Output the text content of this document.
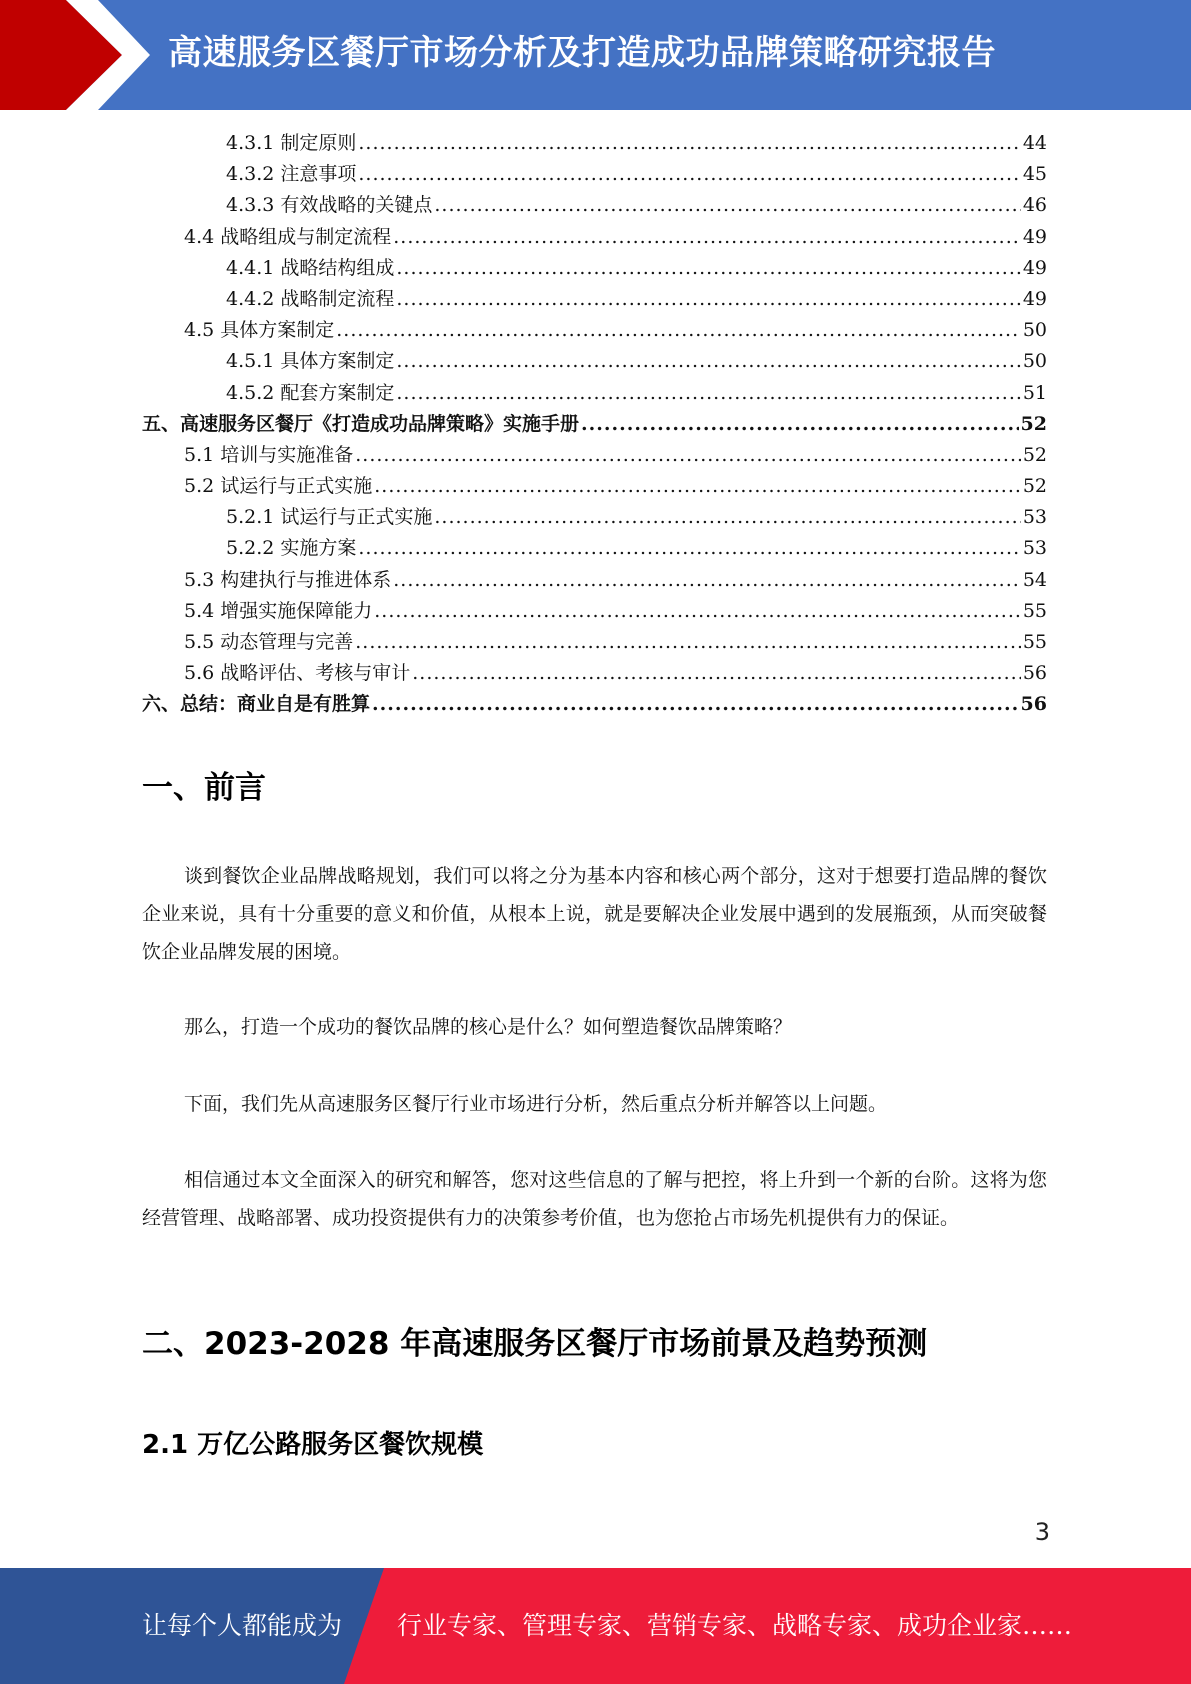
高速服务区餐厅市场分析及打造成功品牌策略研究报告
4.3.1 制定原则 .....	44
4.3.2 注意事项 .....	45
4.3.3 有效战略的关键点 .....	46
4.4 战略组成与制定流程 .....	49
4.4.1 战略结构组成 .....	49
4.4.2 战略制定流程 .....	49
4.5 具体方案制定 .....	50
4.5.1 具体方案制定 .....	50
4.5.2 配套方案制定 .....	51
五、高速服务区餐厅《打造成功品牌策略》实施手册 .....	52
5.1 培训与实施准备 .....	52
5.2 试运行与正式实施 .....	52
5.2.1 试运行与正式实施 .....	53
5.2.2 实施方案 .....	53
5.3 构建执行与推进体系 .....	54
5.4 增强实施保障能力 .....	55
5.5 动态管理与完善 .....	55
5.6 战略评估、考核与审计 .....	56
六、总结：商业自是有胜算 .....	56
一、前言

谈到餐饮企业品牌战略规划，我们可以将之分为基本内容和核心两个部分，这对于想要打造品牌的餐饮企业来说，具有十分重要的意义和价值，从根本上说，就是要解决企业发展中遇到的发展瓶颈，从而突破餐饮企业品牌发展的困境。

那么，打造一个成功的餐饮品牌的核心是什么？如何塑造餐饮品牌策略？

下面，我们先从高速服务区餐厅行业市场进行分析，然后重点分析并解答以上问题。

相信通过本文全面深入的研究和解答，您对这些信息的了解与把控，将上升到一个新的台阶。这将为您经营管理、战略部署、成功投资提供有力的决策参考价值，也为您抢占市场先机提供有力的保证。

二、2023-2028 年高速服务区餐厅市场前景及趋势预测
2.1 万亿公路服务区餐饮规模
3
让每个人都能成为 行业专家、管理专家、营销专家、战略专家、成功企业家……
